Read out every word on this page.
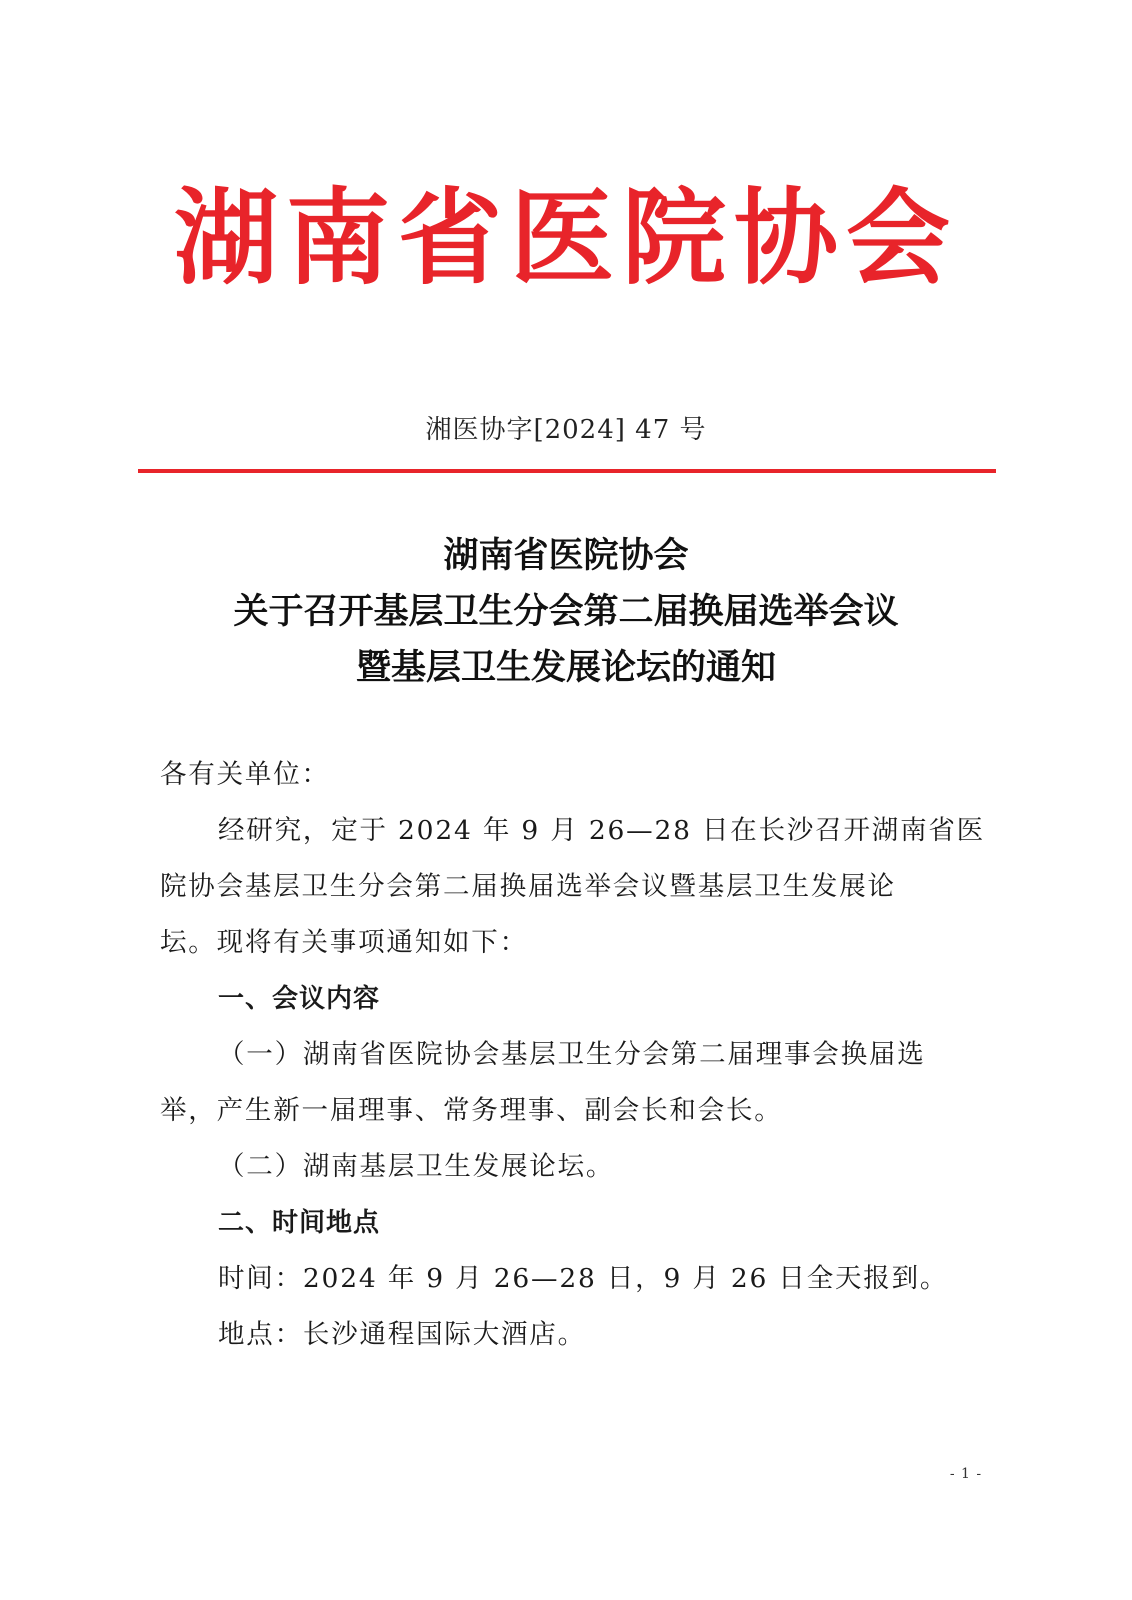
湖南省医院协会
湘医协字[2024] 47 号
湖南省医院协会
关于召开基层卫生分会第二届换届选举会议
暨基层卫生发展论坛的通知
各有关单位：
经研究，定于 2024 年 9 月 26—28 日在长沙召开湖南省医
院协会基层卫生分会第二届换届选举会议暨基层卫生发展论
坛。现将有关事项通知如下：
一、会议内容
（一）湖南省医院协会基层卫生分会第二届理事会换届选
举，产生新一届理事、常务理事、副会长和会长。
（二）湖南基层卫生发展论坛。
二、时间地点
时间：2024 年 9 月 26—28 日，9 月 26 日全天报到。
地点：长沙通程国际大酒店。
- 1 -
